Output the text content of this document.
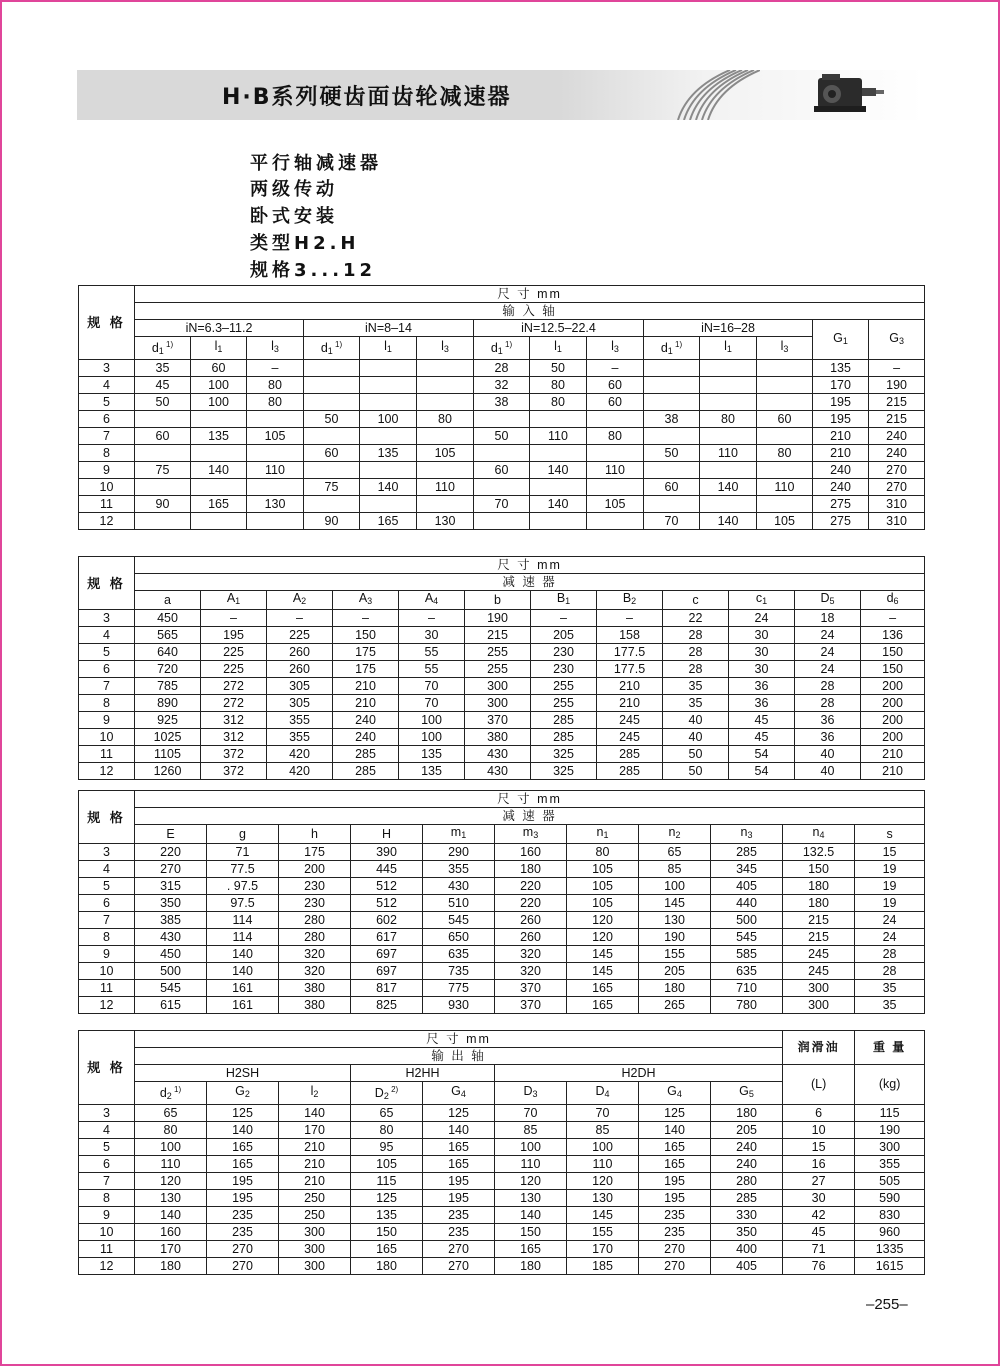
H·B系列硬齿面齿轮减速器
平行轴减速器
两级传动
卧式安装
类型H2.H
规格3...12
规 格	尺 寸 mm													
	输 入 轴													
	iN=6.3–11.2			iN=8–14			iN=12.5–22.4			iN=16–28			$G_1$	$G_3$
	$d_1$ $^{1)}$	$l_1$	$l_3$	$d_1$ $^{1)}$	$l_1$	$l_3$	$d_1$ $^{1)}$	$l_1$	$l_3$	$d_1$ $^{1)}$	$l_1$	$l_3$
3	35	60	–				28	50	–				135	–
4	45	100	80				32	80	60				170	190
5	50	100	80				38	80	60				195	215
6				50	100	80				38	80	60	195	215
7	60	135	105				50	110	80				210	240
8				60	135	105				50	110	80	210	240
9	75	140	110				60	140	110				240	270
10				75	140	110				60	140	110	240	270
11	90	165	130				70	140	105				275	310
12				90	165	130				70	140	105	275	310
规 格	尺 寸 mm											
	减 速 器											
	a	$A_1$	$A_2$	$A_3$	$A_4$	b	$B_1$	$B_2$	c	$c_1$	$D_5$	$d_6$
3	450	–	–	–	–	190	–	–	22	24	18	–
4	565	195	225	150	30	215	205	158	28	30	24	136
5	640	225	260	175	55	255	230	177.5	28	30	24	150
6	720	225	260	175	55	255	230	177.5	28	30	24	150
7	785	272	305	210	70	300	255	210	35	36	28	200
8	890	272	305	210	70	300	255	210	35	36	28	200
9	925	312	355	240	100	370	285	245	40	45	36	200
10	1025	312	355	240	100	380	285	245	40	45	36	200
11	1105	372	420	285	135	430	325	285	50	54	40	210
12	1260	372	420	285	135	430	325	285	50	54	40	210
规 格	尺 寸 mm										
	减 速 器										
	E	g	h	H	$m_1$	$m_3$	$n_1$	$n_2$	$n_3$	$n_4$	s
3	220	71	175	390	290	160	80	65	285	132.5	15
4	270	77.5	200	445	355	180	105	85	345	150	19
5	315	. 97.5	230	512	430	220	105	100	405	180	19
6	350	97.5	230	512	510	220	105	145	440	180	19
7	385	114	280	602	545	260	120	130	500	215	24
8	430	114	280	617	650	260	120	190	545	215	24
9	450	140	320	697	635	320	145	155	585	245	28
10	500	140	320	697	735	320	145	205	635	245	28
11	545	161	380	817	775	370	165	180	710	300	35
12	615	161	380	825	930	370	165	265	780	300	35
规 格	尺 寸 mm									润滑油	重 量
	输 出 轴										
	H2SH			H2HH		H2DH				(L)	(kg)
	$d_2$ $^{1)}$	$G_2$	$l_2$	$D_2$ $^{2)}$	$G_4$	$D_3$	$D_4$	$G_4$	$G_5$
3	65	125	140	65	125	70	70	125	180	6	115
4	80	140	170	80	140	85	85	140	205	10	190
5	100	165	210	95	165	100	100	165	240	15	300
6	110	165	210	105	165	110	110	165	240	16	355
7	120	195	210	115	195	120	120	195	280	27	505
8	130	195	250	125	195	130	130	195	285	30	590
9	140	235	250	135	235	140	145	235	330	42	830
10	160	235	300	150	235	150	155	235	350	45	960
11	170	270	300	165	270	165	170	270	400	71	1335
12	180	270	300	180	270	180	185	270	405	76	1615
–255–
